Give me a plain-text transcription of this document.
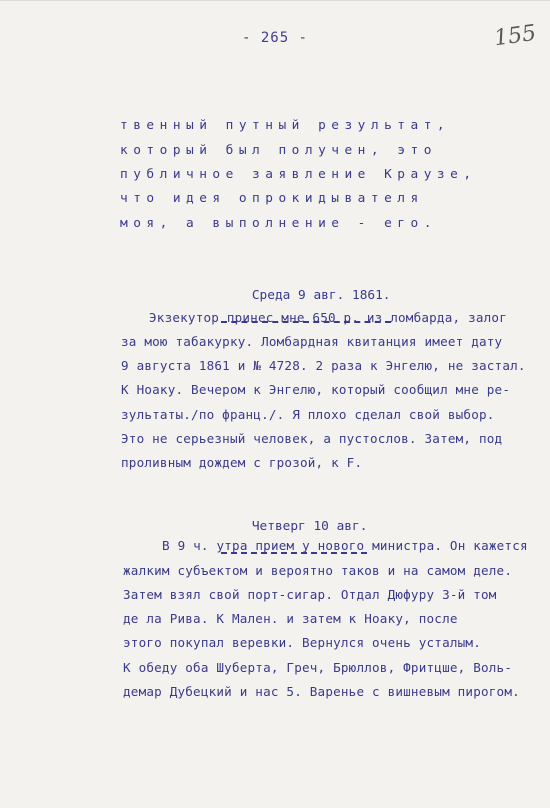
- 265 -	155
твенный путный результат,
который был получен, это
публичное заявление Краузе,
что идея опрокидывателя
моя, а выполнение - его.

Среда 9 авг. 1861.

Экзекутор принес мне 650 р. из ломбарда, залог
за мою табакурку. Ломбардная квитанция имеет дату
9 августа 1861 и № 4728. 2 раза к Энгелю, не застал.
К Ноаку. Вечером к Энгелю, который сообщил мне ре-
зультаты./по франц./. Я плохо сделал свой выбор.
Это не серьезный человек, а пустослов. Затем, под
проливным дождем с грозой, к F.

Четверг 10 авг.

В 9 ч. утра прием у нового министра. Он кажется
жалким субъектом и вероятно таков и на самом деле.
Затем взял свой порт-сигар. Отдал Дюфуру 3-й том
де ла Рива. К Мален. и затем к Ноаку, после
этого покупал веревки. Вернулся очень усталым.
К обеду оба Шуберта, Греч, Брюллов, Фритцше, Воль-
демар Дубецкий и нас 5. Варенье с вишневым пирогом.
